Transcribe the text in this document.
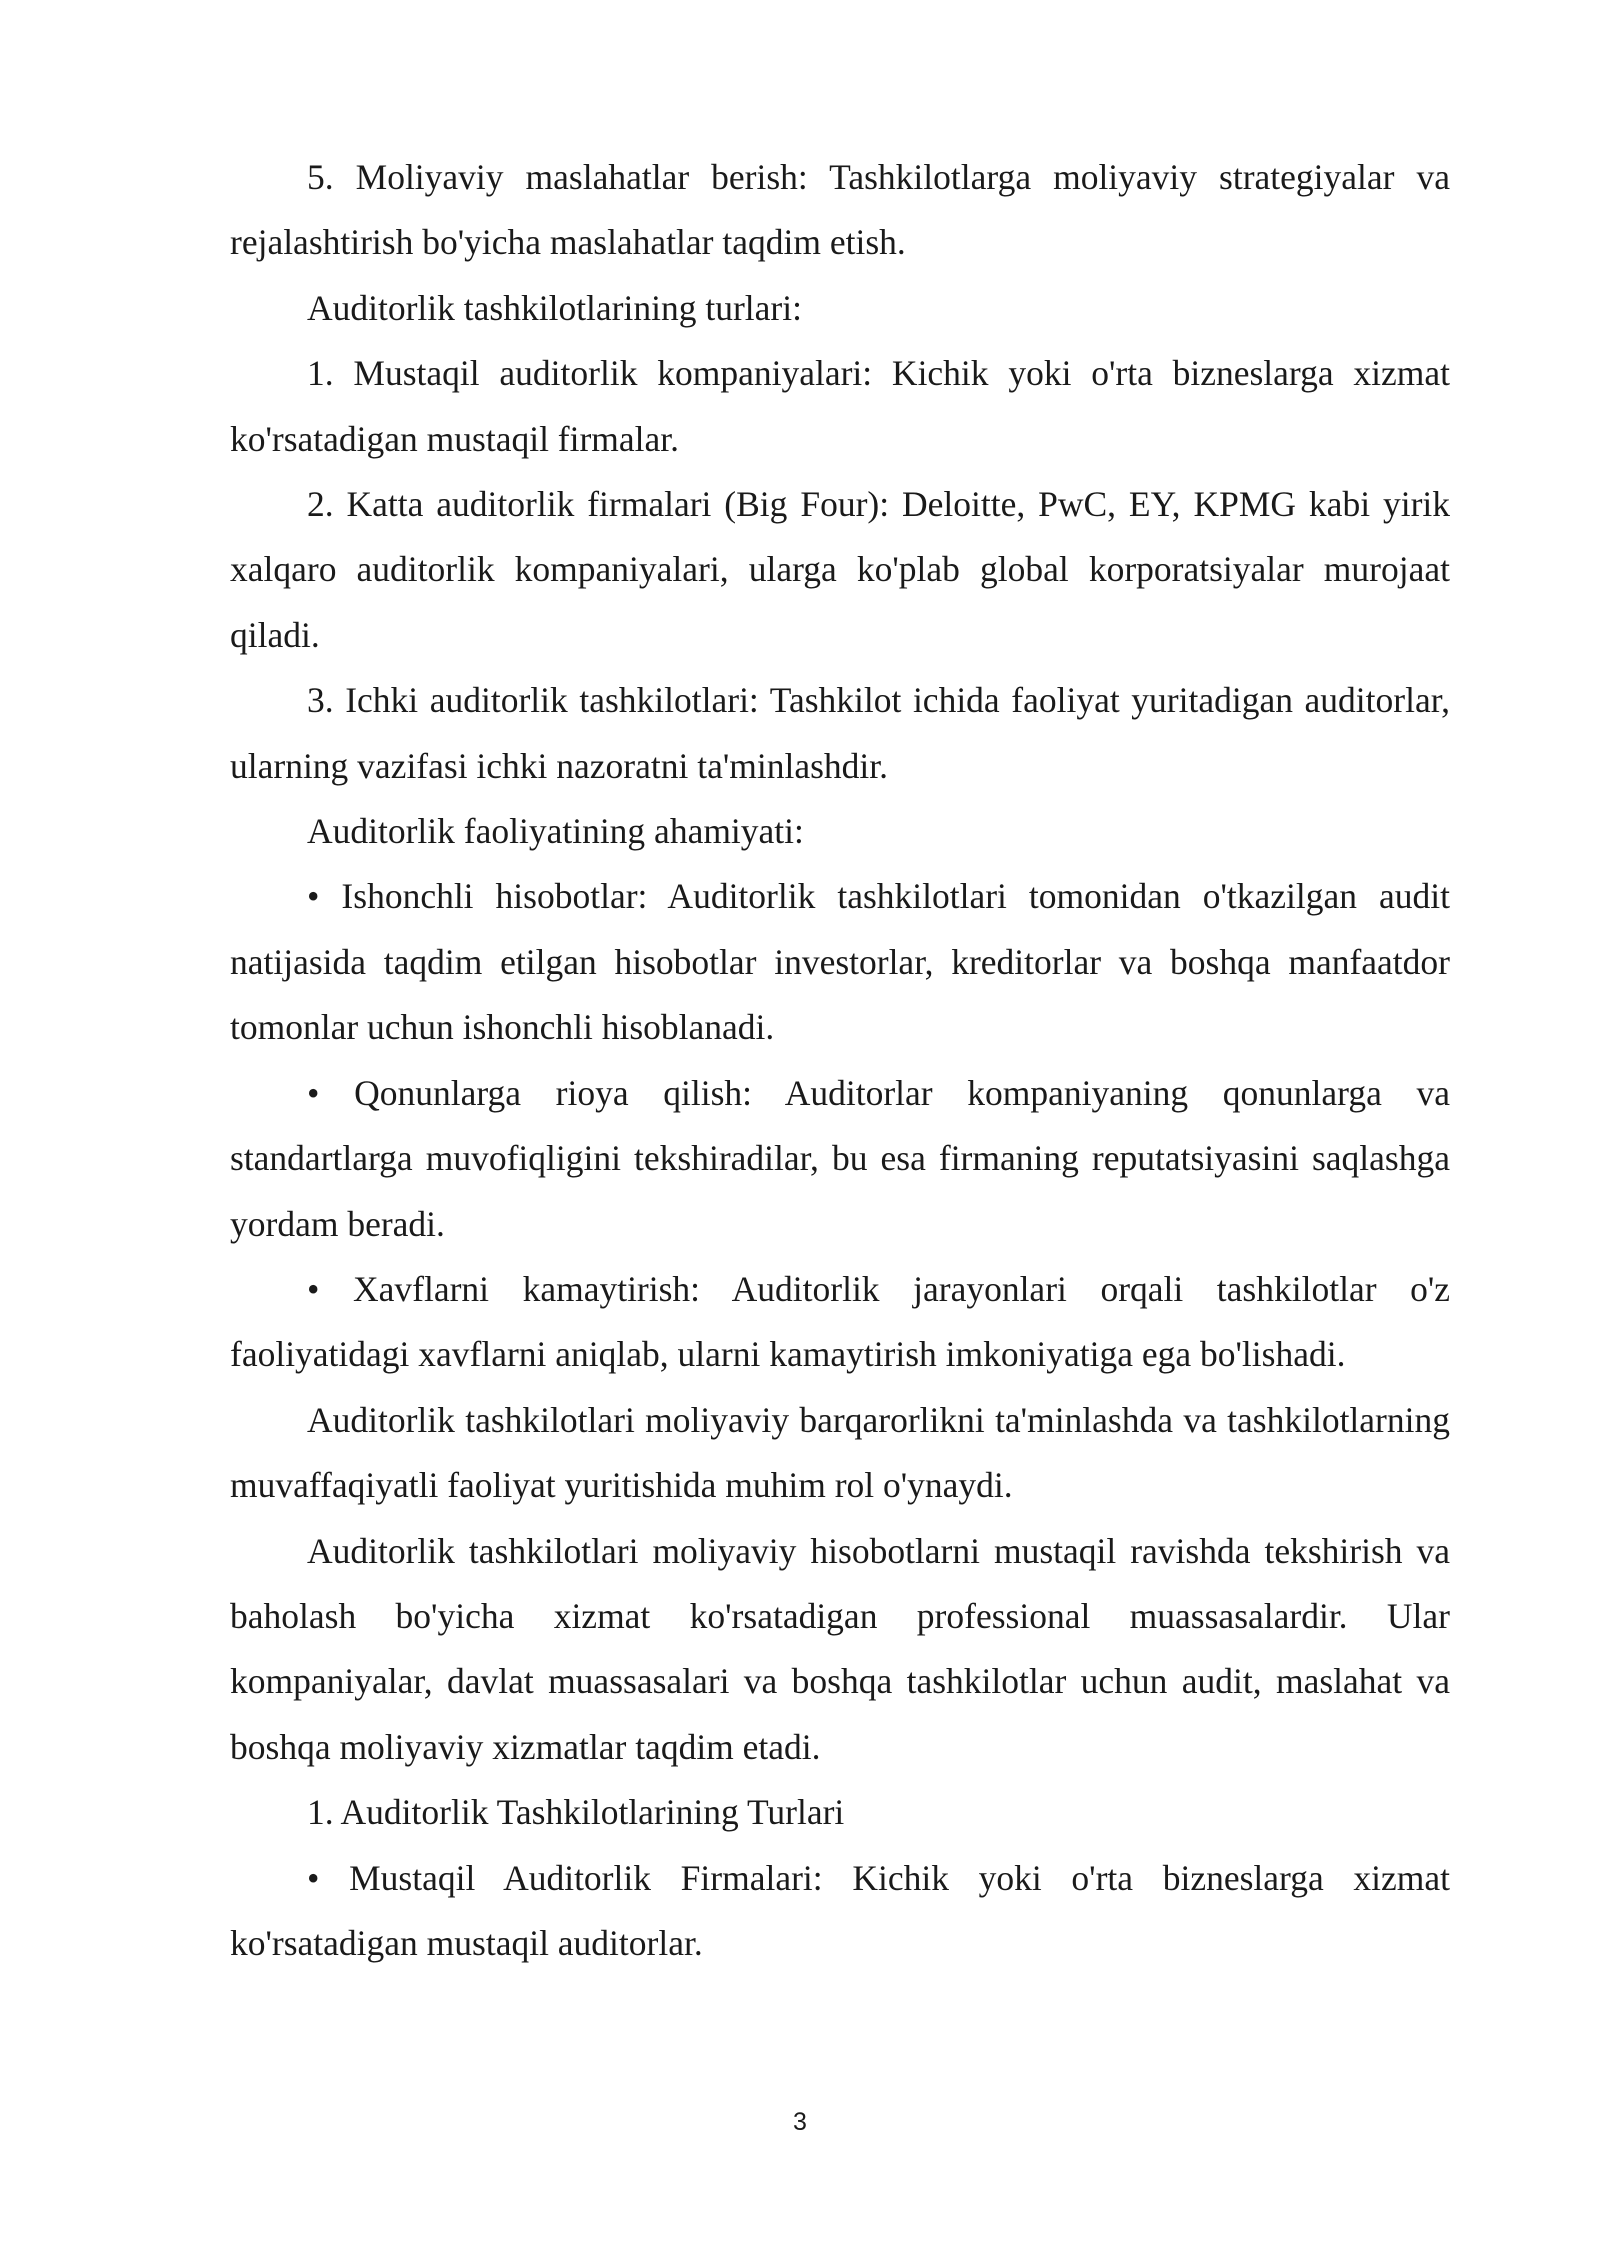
5. Moliyaviy maslahatlar berish: Tashkilotlarga moliyaviy strategiyalar va rejalashtirish bo'yicha maslahatlar taqdim etish.

Auditorlik tashkilotlarining turlari:

1. Mustaqil auditorlik kompaniyalari: Kichik yoki o'rta bizneslarga xizmat ko'rsatadigan mustaqil firmalar.

2. Katta auditorlik firmalari (Big Four): Deloitte, PwC, EY, KPMG kabi yirik xalqaro auditorlik kompaniyalari, ularga ko'plab global korporatsiyalar murojaat qiladi.

3. Ichki auditorlik tashkilotlari: Tashkilot ichida faoliyat yuritadigan auditorlar, ularning vazifasi ichki nazoratni ta'minlashdir.

Auditorlik faoliyatining ahamiyati:

• Ishonchli hisobotlar: Auditorlik tashkilotlari tomonidan o'tkazilgan audit natijasida taqdim etilgan hisobotlar investorlar, kreditorlar va boshqa manfaatdor tomonlar uchun ishonchli hisoblanadi.

• Qonunlarga rioya qilish: Auditorlar kompaniyaning qonunlarga va standartlarga muvofiqligini tekshiradilar, bu esa firmaning reputatsiyasini saqlashga yordam beradi.

• Xavflarni kamaytirish: Auditorlik jarayonlari orqali tashkilotlar o'z faoliyatidagi xavflarni aniqlab, ularni kamaytirish imkoniyatiga ega bo'lishadi.

Auditorlik tashkilotlari moliyaviy barqarorlikni ta'minlashda va tashkilotlarning muvaffaqiyatli faoliyat yuritishida muhim rol o'ynaydi.

Auditorlik tashkilotlari moliyaviy hisobotlarni mustaqil ravishda tekshirish va baholash bo'yicha xizmat ko'rsatadigan professional muassasalardir. Ular kompaniyalar, davlat muassasalari va boshqa tashkilotlar uchun audit, maslahat va boshqa moliyaviy xizmatlar taqdim etadi.

1. Auditorlik Tashkilotlarining Turlari

• Mustaqil Auditorlik Firmalari: Kichik yoki o'rta bizneslarga xizmat ko'rsatadigan mustaqil auditorlar.

3
